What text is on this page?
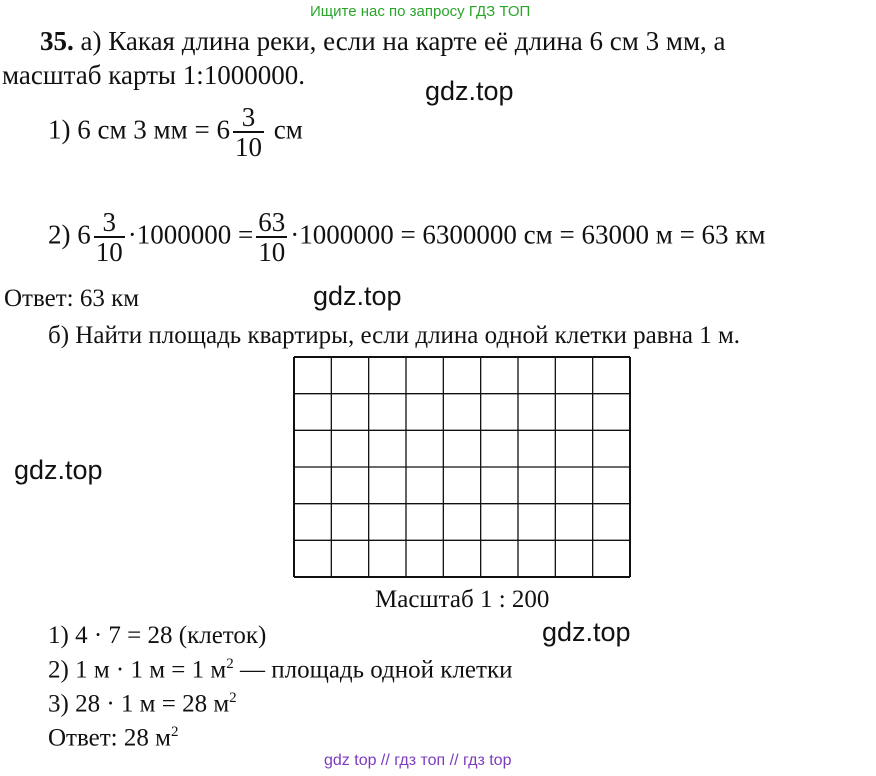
Ищите нас по запросу ГДЗ ТОП
35. а) Какая длина реки, если на карте её длина 6 см 3 мм, а
масштаб карты 1:1000000.
gdz.top
1) 6 см 3 мм = $6 \frac{3}{10}$ см
2) $6 \frac{3}{10} \cdot 1000000 = \frac{63}{10} \cdot 1000000 = 6300000$ см = 63000 м = 63 км
Ответ: 63 км	gdz.top
б) Найти площадь квартиры, если длина одной клетки равна 1 м.
gdz.top
Масштаб 1 : 200
gdz.top
1) 4 · 7 = 28 (клеток)
2) 1 м · 1 м = 1 $м^2$ — площадь одной клетки
3) 28 · 1 м = 28 $м^2$
Ответ: 28 $м^2$
gdz top // гдз топ // гдз top
